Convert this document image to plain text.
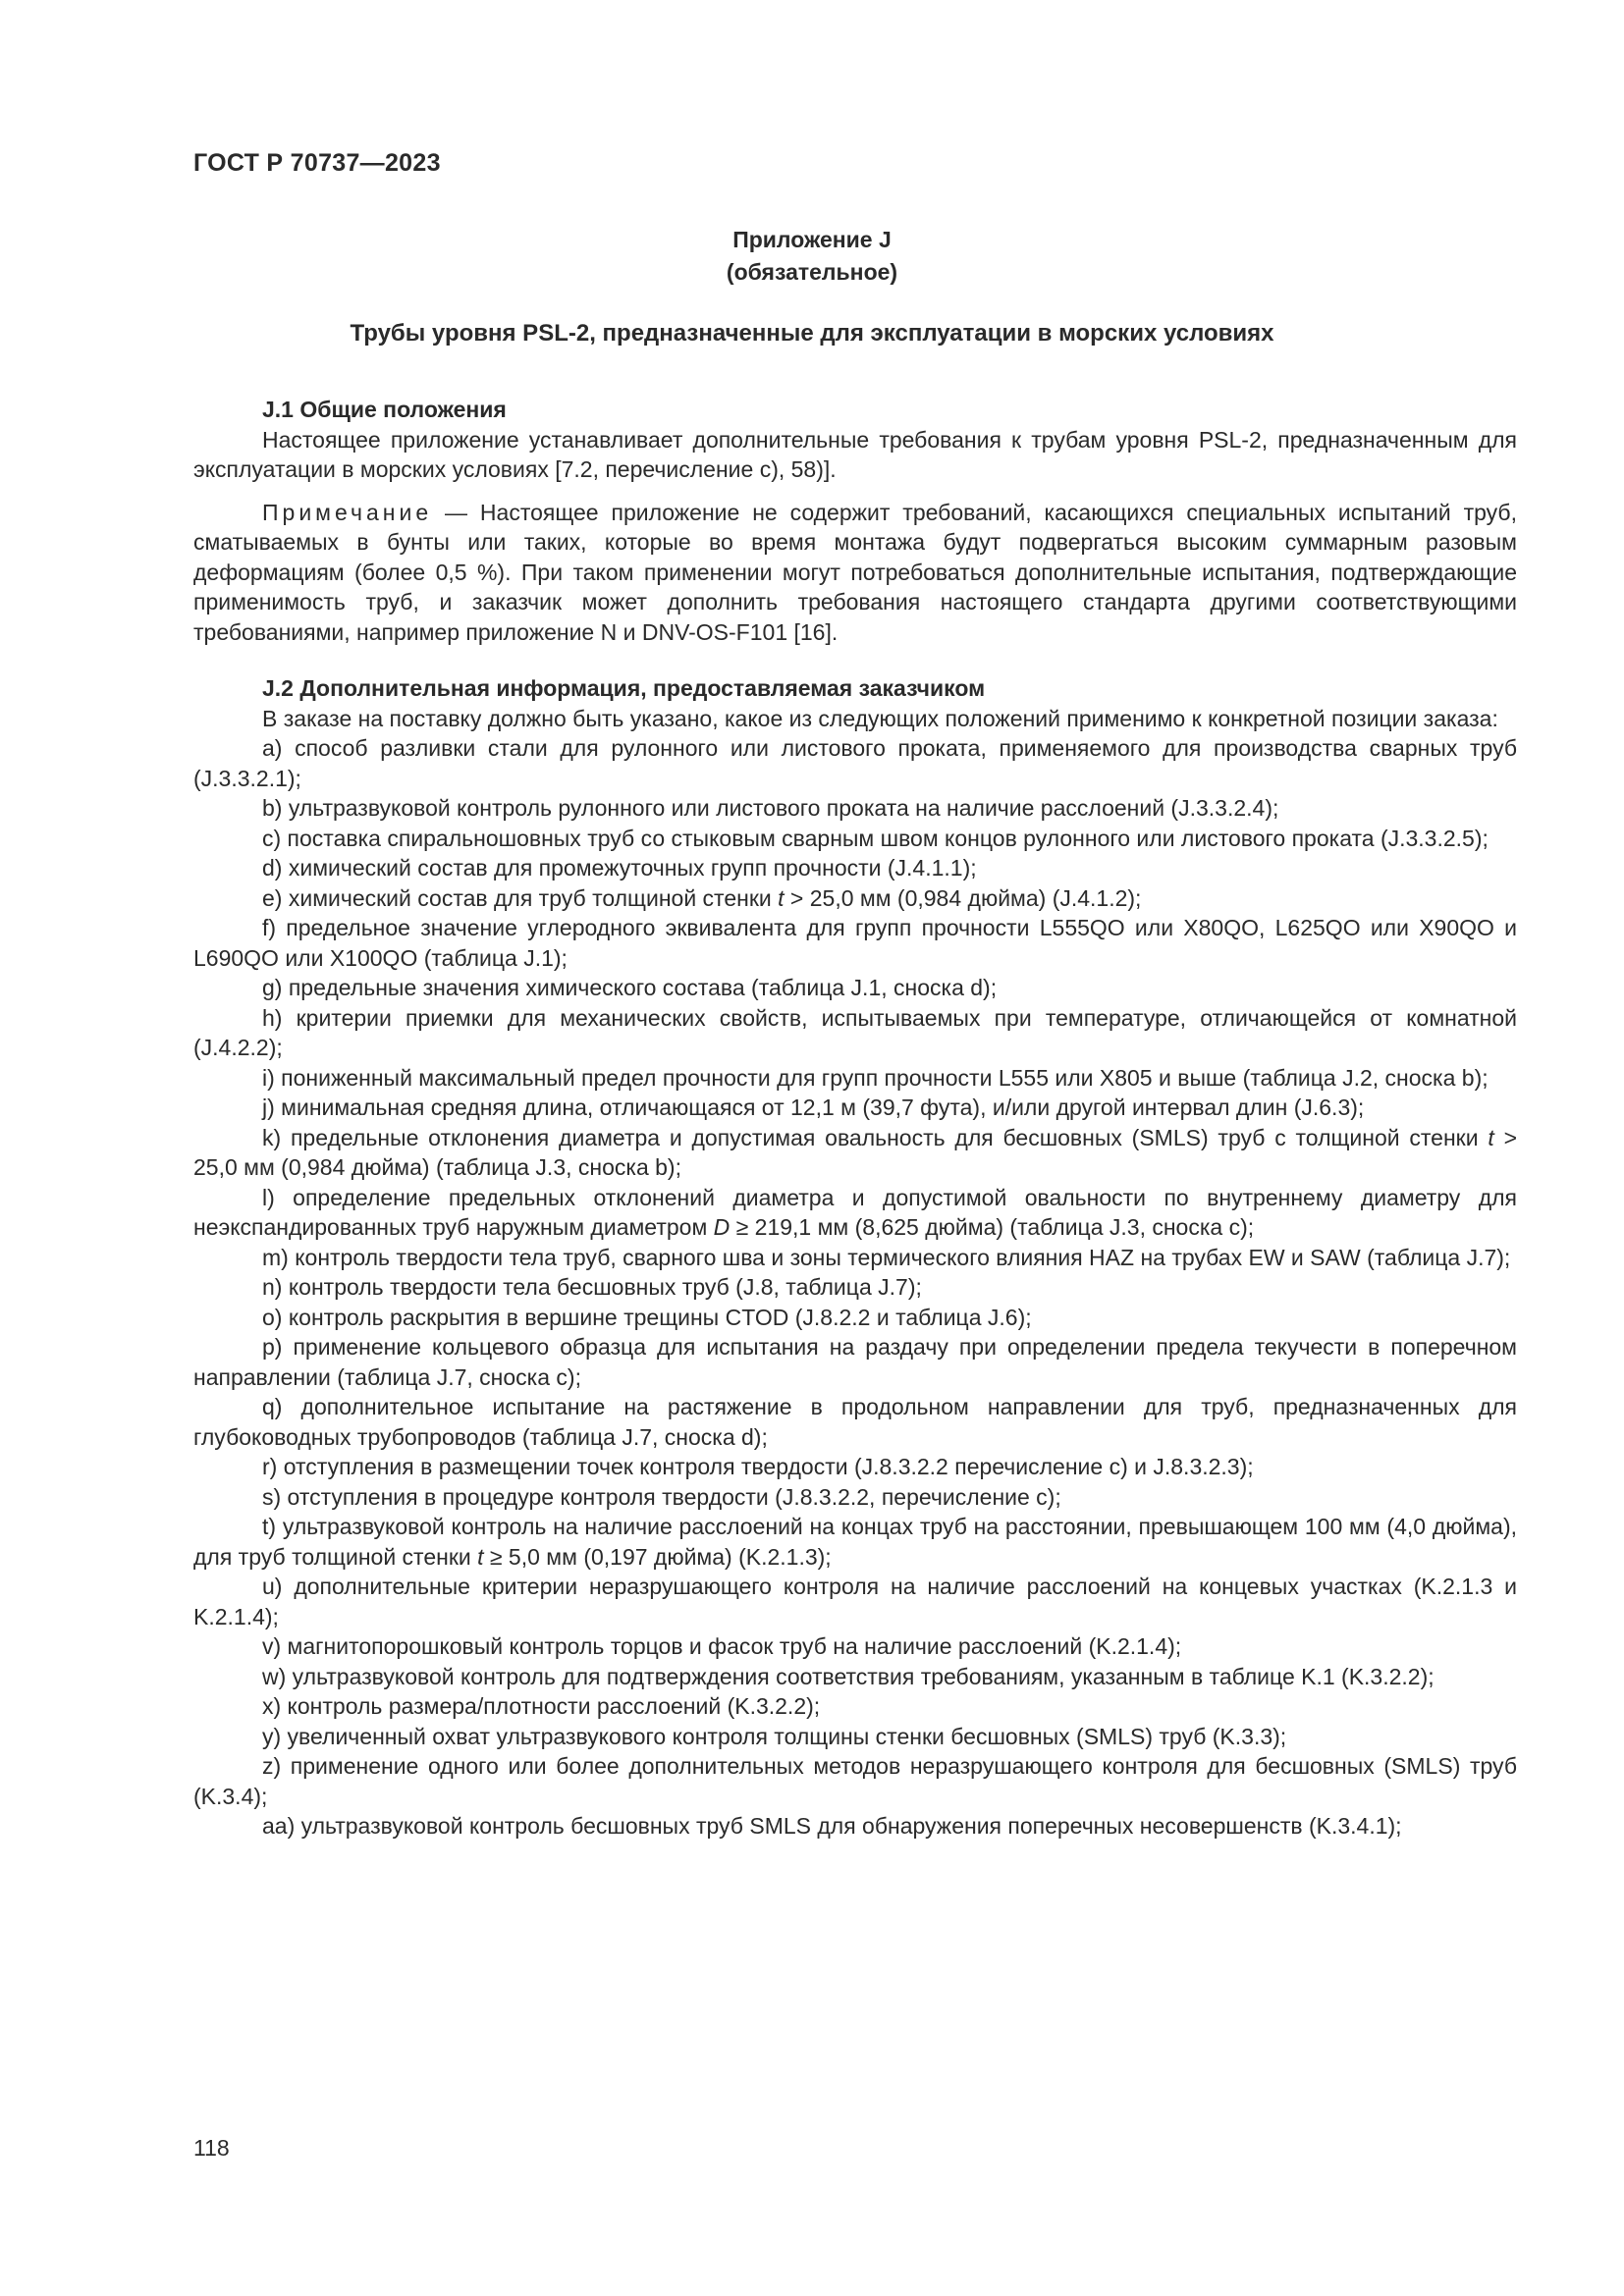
ГОСТ Р 70737—2023
Приложение J
(обязательное)
Трубы уровня PSL-2, предназначенные для эксплуатации в морских условиях

J.1 Общие положения

Настоящее приложение устанавливает дополнительные требования к трубам уровня PSL-2, предназначенным для эксплуатации в морских условиях [7.2, перечисление с), 58)].

Примечание — Настоящее приложение не содержит требований, касающихся специальных испытаний труб, сматываемых в бунты или таких, которые во время монтажа будут подвергаться высоким суммарным разовым деформациям (более 0,5 %). При таком применении могут потребоваться дополнительные испытания, подтверждающие применимость труб, и заказчик может дополнить требования настоящего стандарта другими соответствующими требованиями, например приложение N и DNV-OS-F101 [16].

J.2 Дополнительная информация, предоставляемая заказчиком

В заказе на поставку должно быть указано, какое из следующих положений применимо к конкретной позиции заказа:

a) способ разливки стали для рулонного или листового проката, применяемого для производства сварных труб (J.3.3.2.1);

b) ультразвуковой контроль рулонного или листового проката на наличие расслоений (J.3.3.2.4);

c) поставка спиральношовных труб со стыковым сварным швом концов рулонного или листового проката (J.3.3.2.5);

d) химический состав для промежуточных групп прочности (J.4.1.1);

e) химический состав для труб толщиной стенки t > 25,0 мм (0,984 дюйма) (J.4.1.2);

f) предельное значение углеродного эквивалента для групп прочности L555QO или X80QO, L625QO или X90QO и L690QO или X100QO (таблица J.1);

g) предельные значения химического состава (таблица J.1, сноска d);

h) критерии приемки для механических свойств, испытываемых при температуре, отличающейся от комнатной (J.4.2.2);

i) пониженный максимальный предел прочности для групп прочности L555 или X805 и выше (таблица J.2, сноска b);

j) минимальная средняя длина, отличающаяся от 12,1 м (39,7 фута), и/или другой интервал длин (J.6.3);

k) предельные отклонения диаметра и допустимая овальность для бесшовных (SMLS) труб с толщиной стенки t > 25,0 мм (0,984 дюйма) (таблица J.3, сноска b);

l) определение предельных отклонений диаметра и допустимой овальности по внутреннему диаметру для неэкспандированных труб наружным диаметром D ≥ 219,1 мм (8,625 дюйма) (таблица J.3, сноска c);

m) контроль твердости тела труб, сварного шва и зоны термического влияния HAZ на трубах EW и SAW (таблица J.7);

n) контроль твердости тела бесшовных труб (J.8, таблица J.7);

o) контроль раскрытия в вершине трещины CTOD (J.8.2.2 и таблица J.6);

p) применение кольцевого образца для испытания на раздачу при определении предела текучести в поперечном направлении (таблица J.7, сноска c);

q) дополнительное испытание на растяжение в продольном направлении для труб, предназначенных для глубоководных трубопроводов (таблица J.7, сноска d);

r) отступления в размещении точек контроля твердости (J.8.3.2.2 перечисление c) и J.8.3.2.3);

s) отступления в процедуре контроля твердости (J.8.3.2.2, перечисление c);

t) ультразвуковой контроль на наличие расслоений на концах труб на расстоянии, превышающем 100 мм (4,0 дюйма), для труб толщиной стенки t ≥ 5,0 мм (0,197 дюйма) (K.2.1.3);

u) дополнительные критерии неразрушающего контроля на наличие расслоений на концевых участках (K.2.1.3 и K.2.1.4);

v) магнитопорошковый контроль торцов и фасок труб на наличие расслоений (K.2.1.4);

w) ультразвуковой контроль для подтверждения соответствия требованиям, указанным в таблице K.1 (K.3.2.2);

x) контроль размера/плотности расслоений (K.3.2.2);

y) увеличенный охват ультразвукового контроля толщины стенки бесшовных (SMLS) труб (K.3.3);

z) применение одного или более дополнительных методов неразрушающего контроля для бесшовных (SMLS) труб (K.3.4);

aa) ультразвуковой контроль бесшовных труб SMLS для обнаружения поперечных несовершенств (K.3.4.1);

118
